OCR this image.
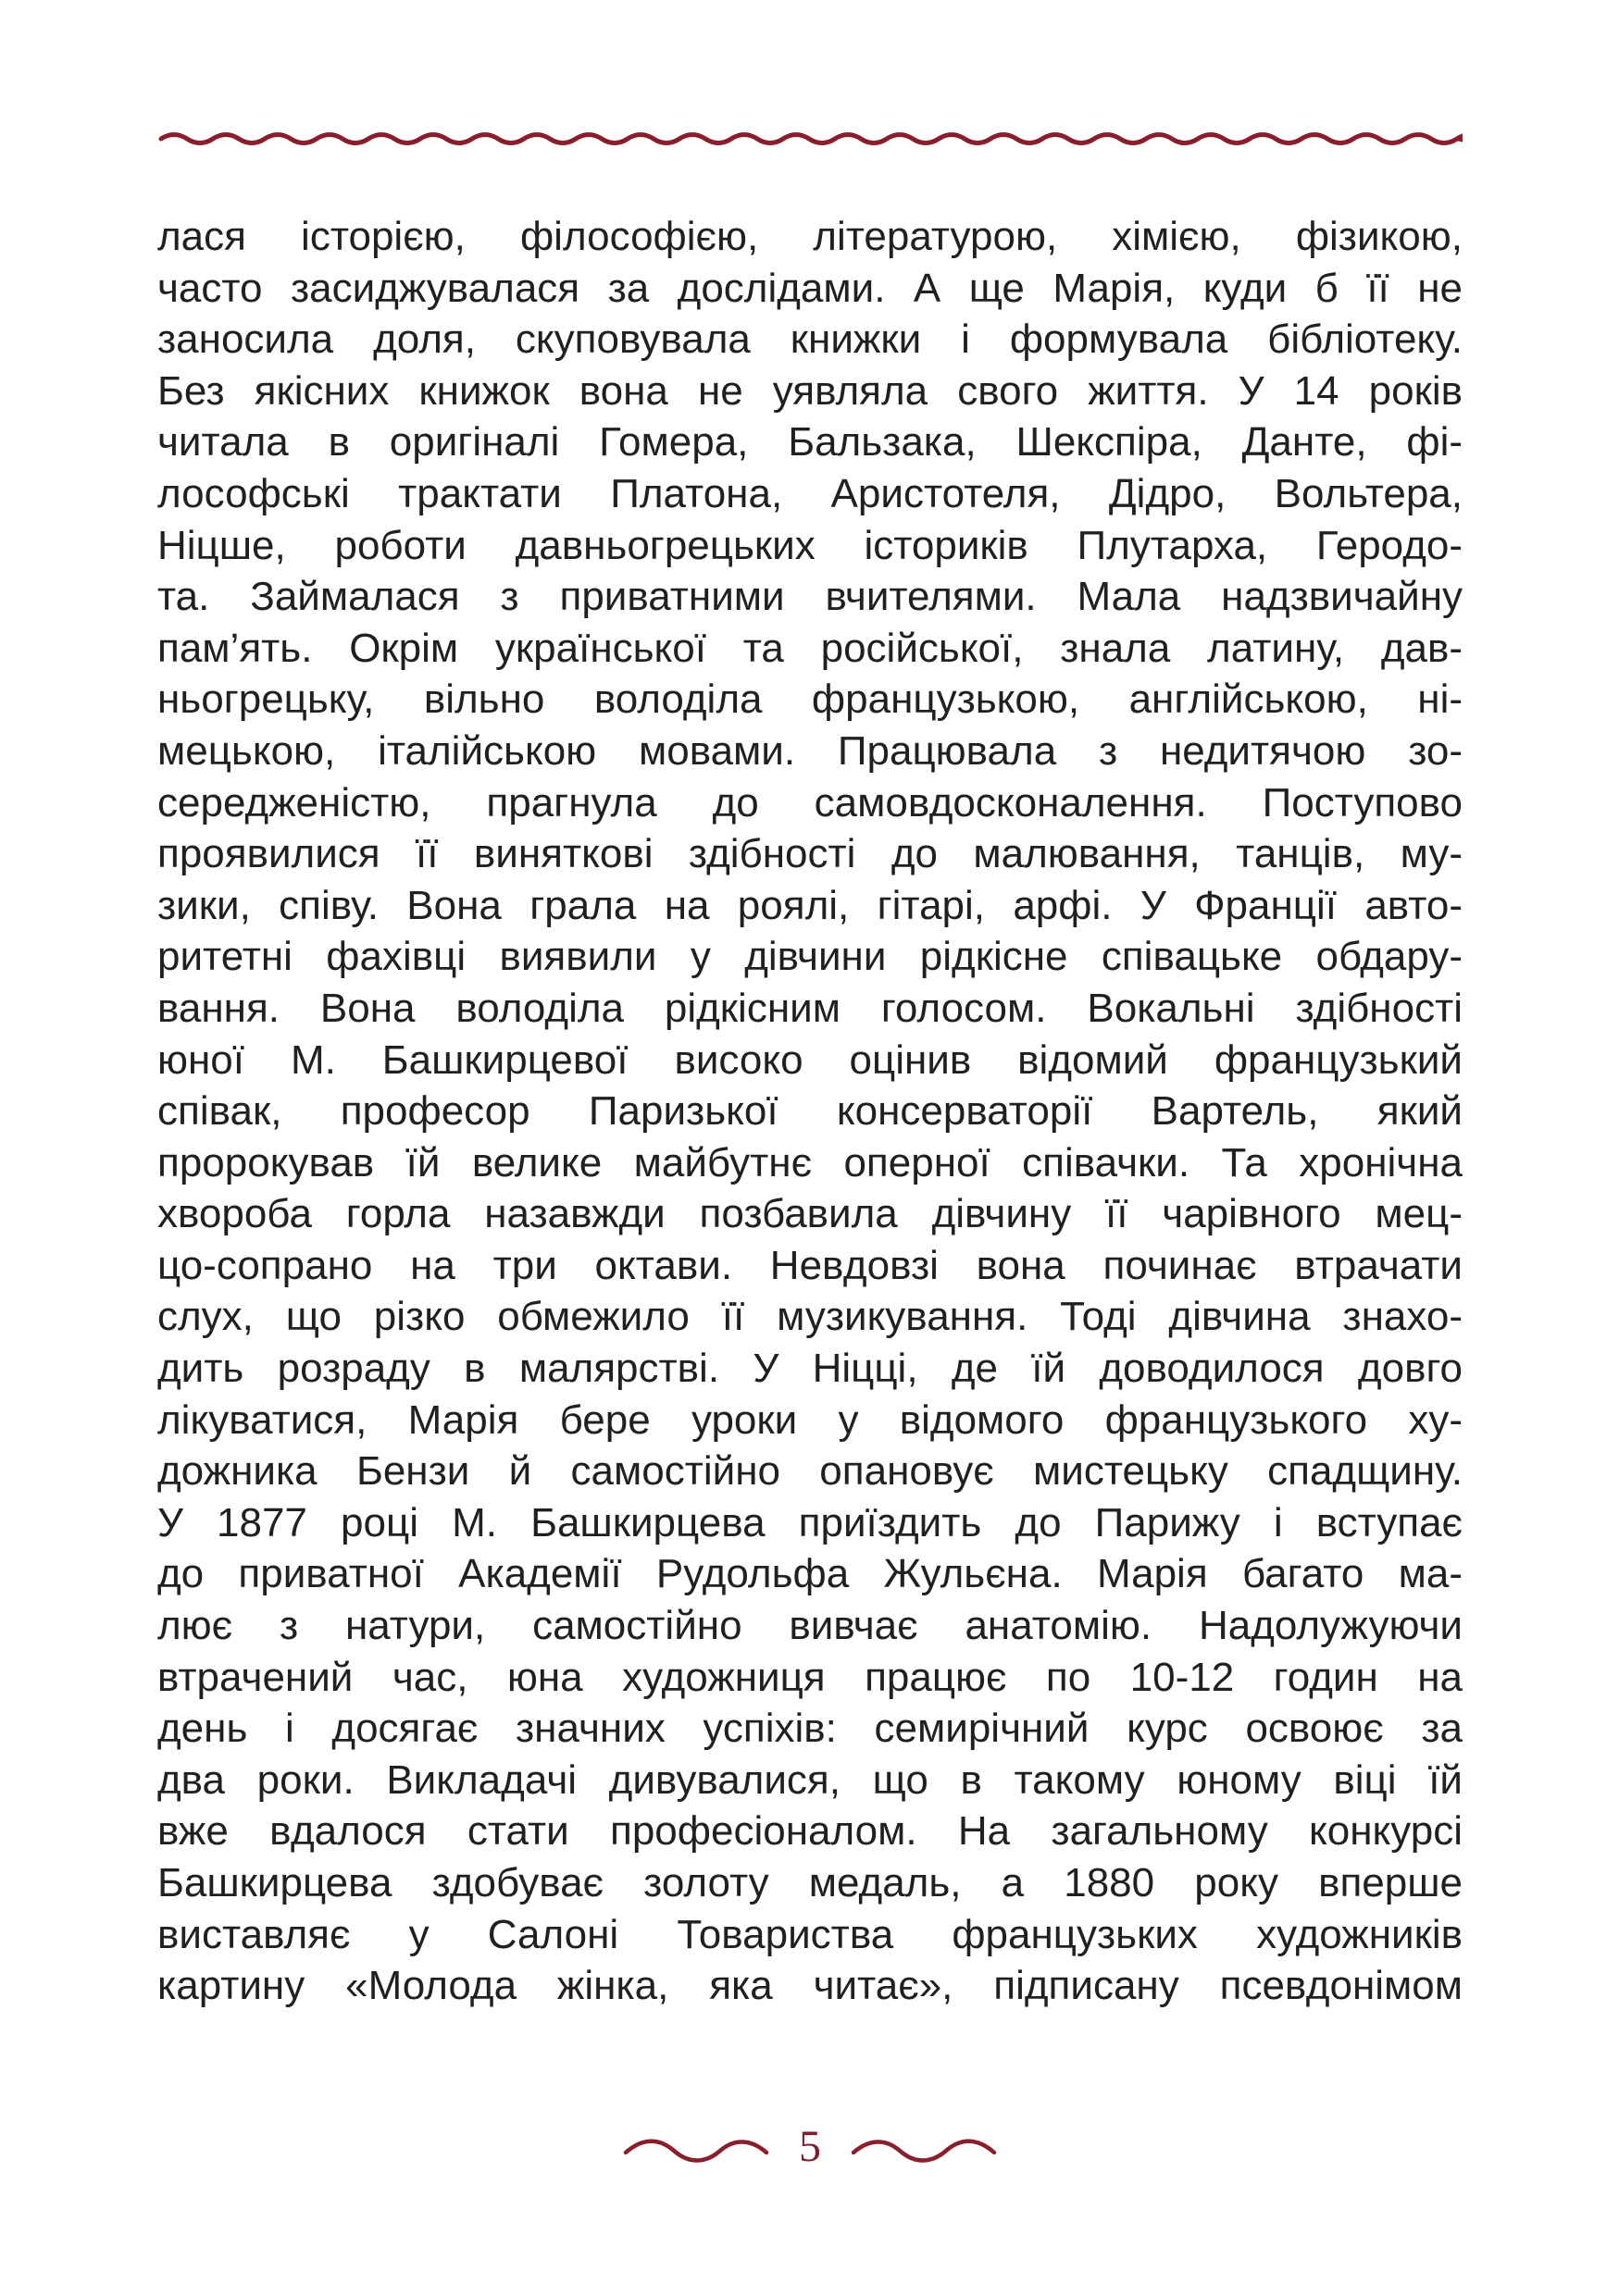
лася історією, філософією, літературою, хімією, фізикою,
часто засиджувалася за дослідами. А ще Марія, куди б її не
заносила доля, скуповувала книжки і формувала бібліотеку.
Без якісних книжок вона не уявляла свого життя. У 14 років
читала в оригіналі Гомера, Бальзака, Шекспіра, Данте, фі-
лософські трактати Платона, Аристотеля, Дідро, Вольтера,
Ніцше, роботи давньогрецьких істориків Плутарха, Геродо-
та. Займалася з приватними вчителями. Мала надзвичайну
пам’ять. Окрім української та російської, знала латину, дав-
ньогрецьку, вільно володіла французькою, англійською, ні-
мецькою, італійською мовами. Працювала з недитячою зо-
середженістю, прагнула до самовдосконалення. Поступово
проявилися її виняткові здібності до малювання, танців, му-
зики, співу. Вона грала на роялі, гітарі, арфі. У Франції авто-
ритетні фахівці виявили у дівчини рідкісне співацьке обдару-
вання. Вона володіла рідкісним голосом. Вокальні здібності
юної М. Башкирцевої високо оцінив відомий французький
співак, професор Паризької консерваторії Вартель, який
пророкував їй велике майбутнє оперної співачки. Та хронічна
хвороба горла назавжди позбавила дівчину її чарівного мец-
цо-сопрано на три октави. Невдовзі вона починає втрачати
слух, що різко обмежило її музикування. Тоді дівчина знахо-
дить розраду в малярстві. У Ніцці, де їй доводилося довго
лікуватися, Марія бере уроки у відомого французького ху-
дожника Бензи й самостійно опановує мистецьку спадщину.
У 1877 році М. Башкирцева приїздить до Парижу і вступає
до приватної Академії Рудольфа Жульєна. Марія багато ма-
лює з натури, самостійно вивчає анатомію. Надолужуючи
втрачений час, юна художниця працює по 10-12 годин на
день і досягає значних успіхів: семирічний курс освоює за
два роки. Викладачі дивувалися, що в такому юному віці їй
вже вдалося стати професіоналом. На загальному конкурсі
Башкирцева здобуває золоту медаль, а 1880 року вперше
виставляє у Салоні Товариства французьких художників
картину «Молода жінка, яка читає», підписану псевдонімом
5
